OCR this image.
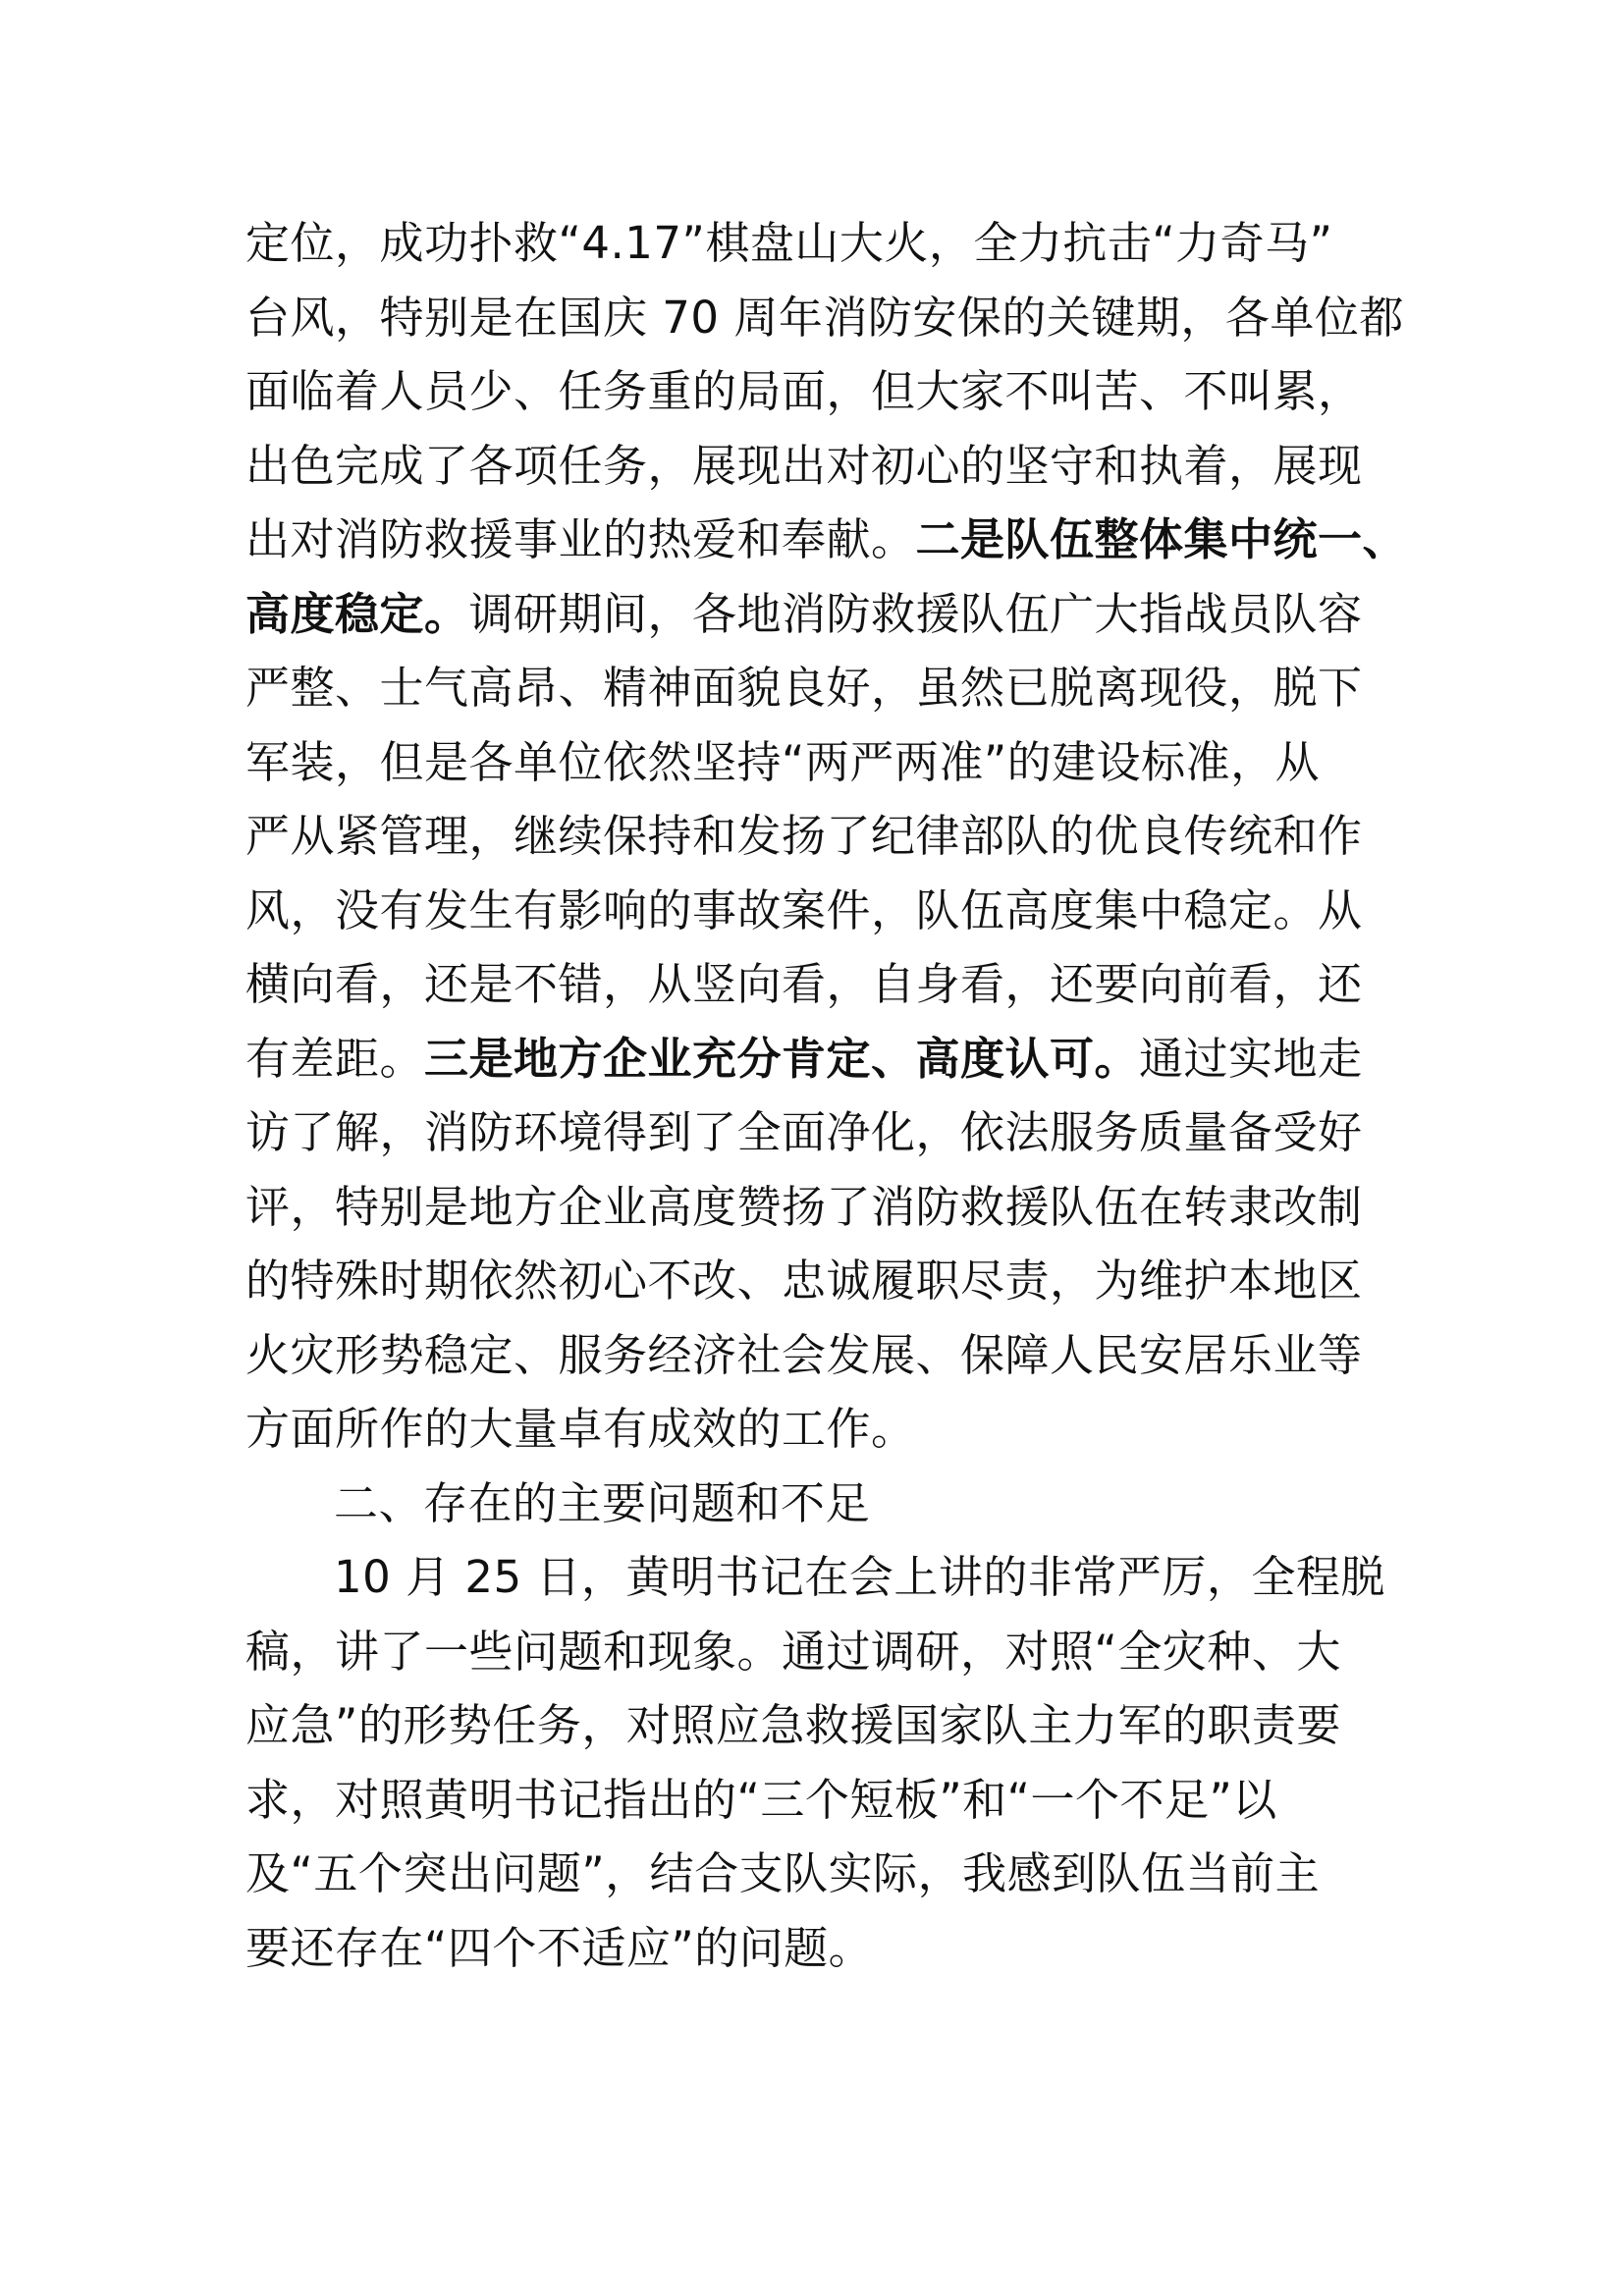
定位，成功扑救“4.17”棋盘山大火，全力抗击“力奇马”
台风，特别是在国庆 70 周年消防安保的关键期，各单位都
面临着人员少、任务重的局面，但大家不叫苦、不叫累，
出色完成了各项任务，展现出对初心的坚守和执着，展现
出对消防救援事业的热爱和奉献。二是队伍整体集中统一、
高度稳定。调研期间，各地消防救援队伍广大指战员队容
严整、士气高昂、精神面貌良好，虽然已脱离现役，脱下
军装，但是各单位依然坚持“两严两准”的建设标准，从
严从紧管理，继续保持和发扬了纪律部队的优良传统和作
风，没有发生有影响的事故案件，队伍高度集中稳定。从
横向看，还是不错，从竖向看，自身看，还要向前看，还
有差距。三是地方企业充分肯定、高度认可。通过实地走
访了解，消防环境得到了全面净化，依法服务质量备受好
评，特别是地方企业高度赞扬了消防救援队伍在转隶改制
的特殊时期依然初心不改、忠诚履职尽责，为维护本地区
火灾形势稳定、服务经济社会发展、保障人民安居乐业等
方面所作的大量卓有成效的工作。
二、存在的主要问题和不足
10 月 25 日，黄明书记在会上讲的非常严厉，全程脱
稿，讲了一些问题和现象。通过调研，对照“全灾种、大
应急”的形势任务，对照应急救援国家队主力军的职责要
求，对照黄明书记指出的“三个短板”和“一个不足”以
及“五个突出问题”，结合支队实际，我感到队伍当前主
要还存在“四个不适应”的问题。
